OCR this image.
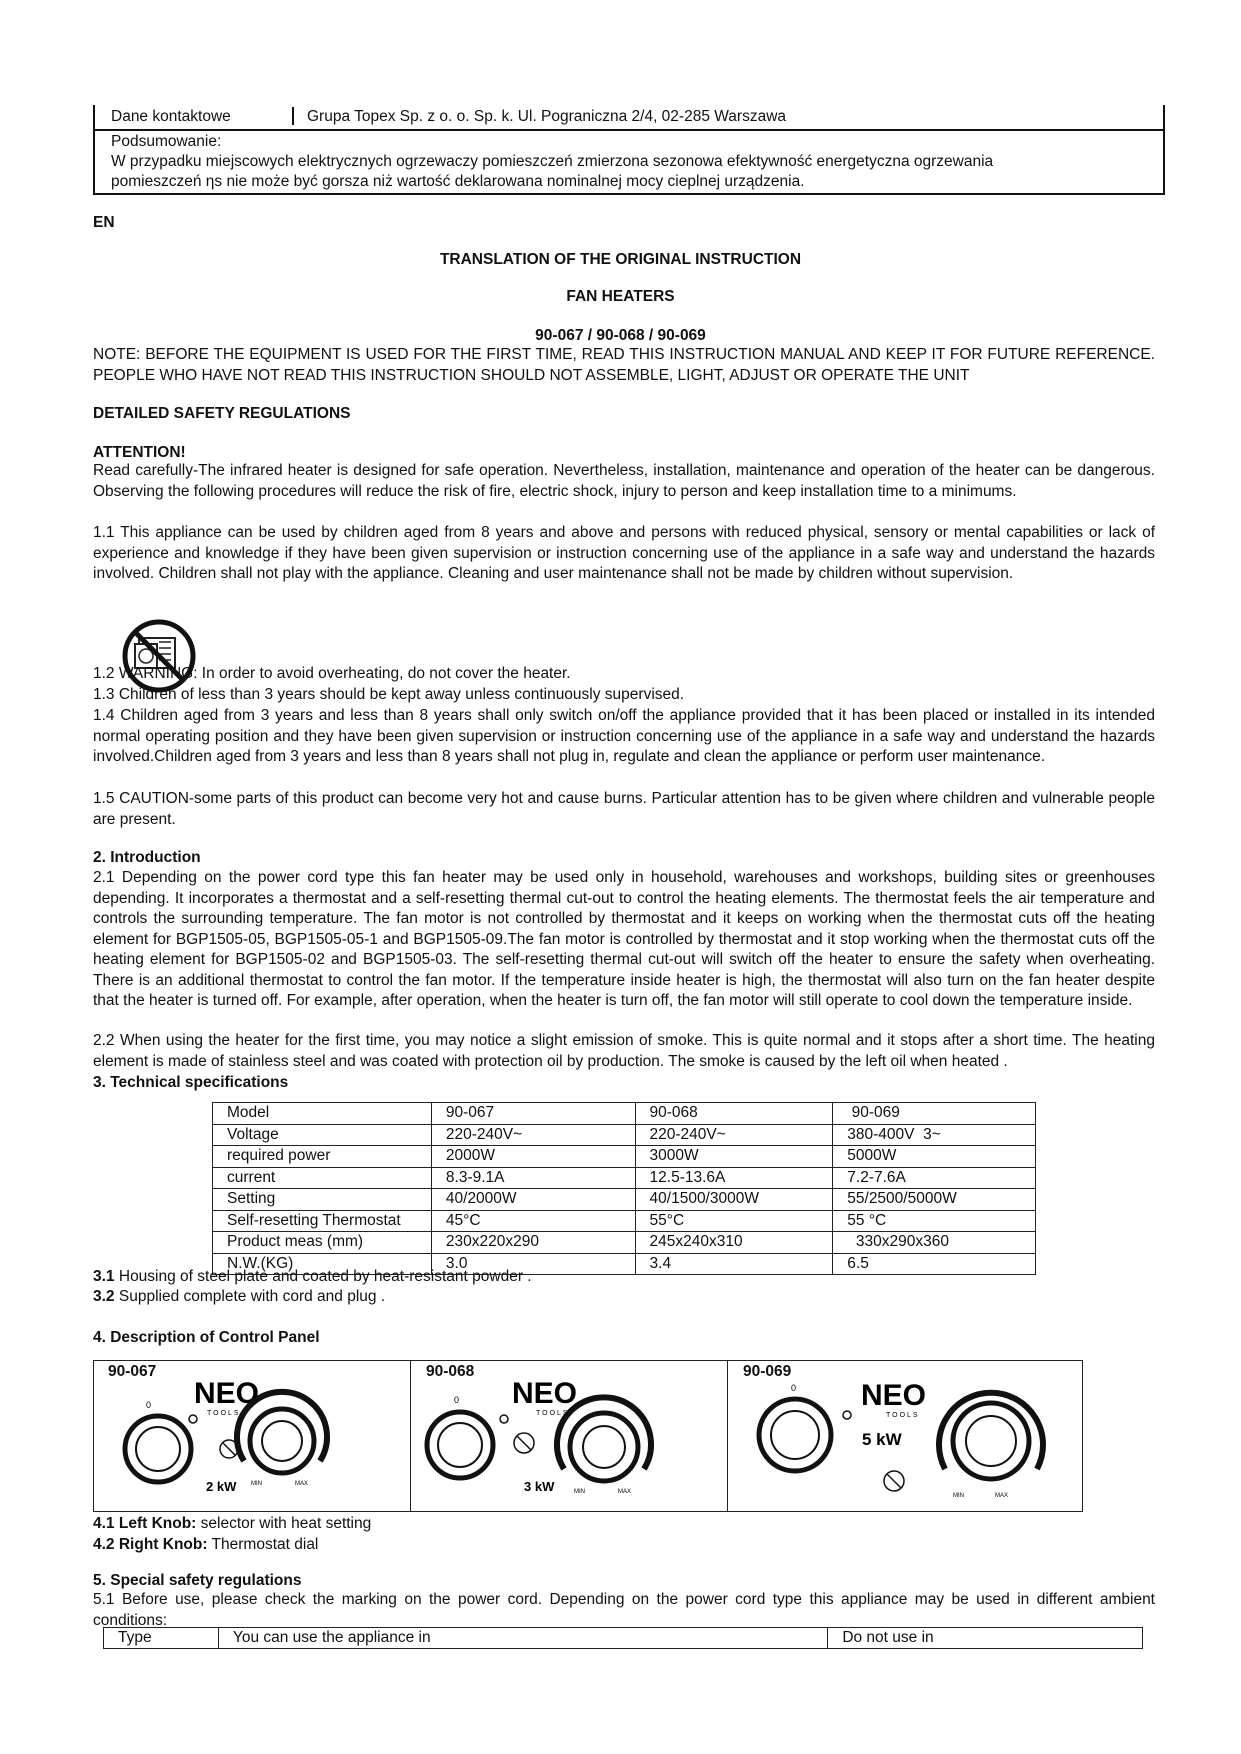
Dane kontaktowe	Grupa Topex Sp. z o. o. Sp. k. Ul. Pograniczna 2/4, 02-285 Warszawa
Podsumowanie:
W przypadku miejscowych elektrycznych ogrzewaczy pomieszczeń zmierzona sezonowa efektywność energetyczna ogrzewania
pomieszczeń ηs nie może być gorsza niż wartość deklarowana nominalnej mocy cieplnej urządzenia.
EN
TRANSLATION OF THE ORIGINAL INSTRUCTION
FAN HEATERS
90-067 / 90-068 / 90-069

NOTE: BEFORE THE EQUIPMENT IS USED FOR THE FIRST TIME, READ THIS INSTRUCTION MANUAL AND KEEP IT FOR FUTURE REFERENCE. PEOPLE WHO HAVE NOT READ THIS INSTRUCTION SHOULD NOT ASSEMBLE, LIGHT, ADJUST OR OPERATE THE UNIT

DETAILED SAFETY REGULATIONS
ATTENTION!

Read carefully-The infrared heater is designed for safe operation. Nevertheless, installation, maintenance and operation of the heater can be dangerous. Observing the following procedures will reduce the risk of fire, electric shock, injury to person and keep installation time to a minimums.

1.1 This appliance can be used by children aged from 8 years and above and persons with reduced physical, sensory or mental capabilities or lack of experience and knowledge if they have been given supervision or instruction concerning use of the appliance in a safe way and understand the hazards involved. Children shall not play with the appliance. Cleaning and user maintenance shall not be made by children without supervision.

1.2 WARNING: In order to avoid overheating, do not cover the heater.

1.3 Children of less than 3 years should be kept away unless continuously supervised.

1.4 Children aged from 3 years and less than 8 years shall only switch on/off the appliance provided that it has been placed or installed in its intended normal operating position and they have been given supervision or instruction concerning use of the appliance in a safe way and understand the hazards involved.Children aged from 3 years and less than 8 years shall not plug in, regulate and clean the appliance or perform user maintenance.

1.5 CAUTION-some parts of this product can become very hot and cause burns. Particular attention has to be given where children and vulnerable people are present.

2. Introduction

2.1 Depending on the power cord type this fan heater may be used only in household, warehouses and workshops, building sites or greenhouses depending. It incorporates a thermostat and a self-resetting thermal cut-out to control the heating elements. The thermostat feels the air temperature and controls the surrounding temperature. The fan motor is not controlled by thermostat and it keeps on working when the thermostat cuts off the heating element for BGP1505-05, BGP1505-05-1 and BGP1505-09.The fan motor is controlled by thermostat and it stop working when the thermostat cuts off the heating element for BGP1505-02 and BGP1505-03. The self-resetting thermal cut-out will switch off the heater to ensure the safety when overheating. There is an additional thermostat to control the fan motor. If the temperature inside heater is high, the thermostat will also turn on the fan heater despite that the heater is turned off. For example, after operation, when the heater is turn off, the fan motor will still operate to cool down the temperature inside.

2.2 When using the heater for the first time, you may notice a slight emission of smoke. This is quite normal and it stops after a short time. The heating element is made of stainless steel and was coated with protection oil by production. The smoke is caused by the left oil when heated .

3. Technical specifications
Model	90-067	90-068	90-069
Voltage	220-240V~	220-240V~	380-400V  3~
required power	2000W	3000W	5000W
current	8.3-9.1A	12.5-13.6A	7.2-7.6A
Setting	40/2000W	40/1500/3000W	55/2500/5000W
Self-resetting Thermostat	45°C	55°C	55 °C
Product meas (mm)	230x220x290	245x240x310	330x290x360
N.W.(KG)	3.0	3.4	6.5
3.1 Housing of steel plate and coated by heat-resistant powder .
3.2 Supplied complete with cord and plug .
4. Description of Control Panel
90-067
0 NEO
TOOLS
2 kW MIN	MAX
90-068
0 NEO
TOOLS
3 kW	MIN	MAX
90-069
0 NEO
TOOLS
5 kW
MIN	MAX
4.1 Left Knob: selector with heat setting
4.2 Right Knob: Thermostat dial
5. Special safety regulations

5.1 Before use, please check the marking on the power cord. Depending on the power cord type this appliance may be used in different ambient conditions:

Type	You can use the appliance in	Do not use in
